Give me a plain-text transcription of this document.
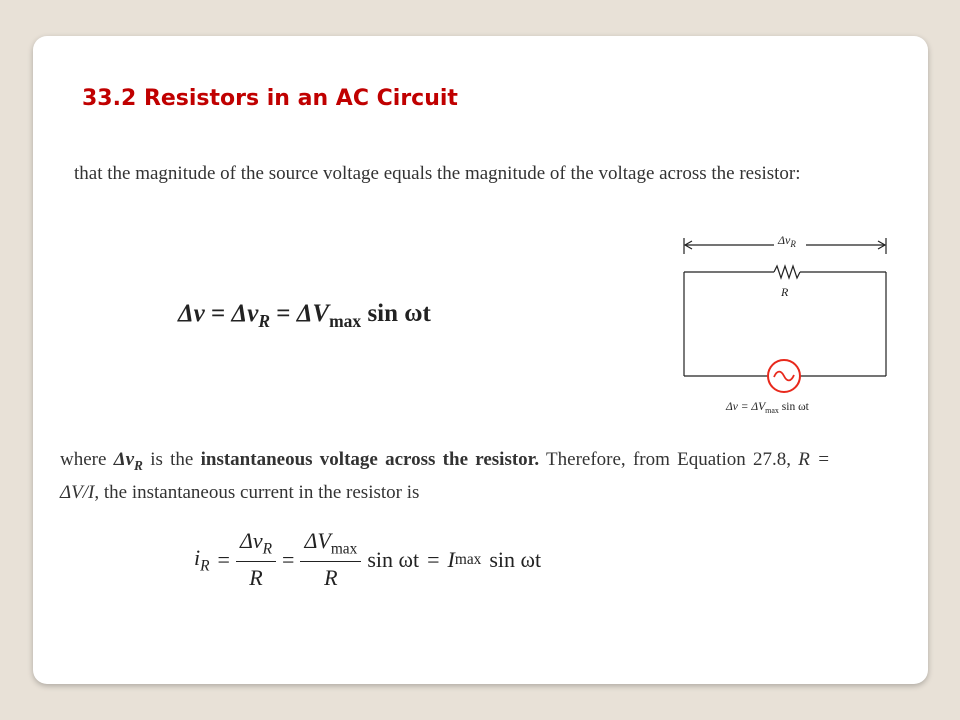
33.2 Resistors in an AC Circuit
that the magnitude of the source voltage equals the magnitude of the voltage across the resistor:
$\Delta v = \Delta v_R = \Delta V_{max}$ sin ωt
$\Delta v_R$
R
$\Delta v = \Delta V_{max}$ sin ωt
where $\Delta v_R$ is the instantaneous voltage across the resistor. Therefore, from Equation 27.8, R = ΔV/I, the instantaneous current in the resistor is
$i_R = \frac{\Delta v_R}{R} = \frac{\Delta V_{max}}{R}$ sin ωt = I max sin ωt
